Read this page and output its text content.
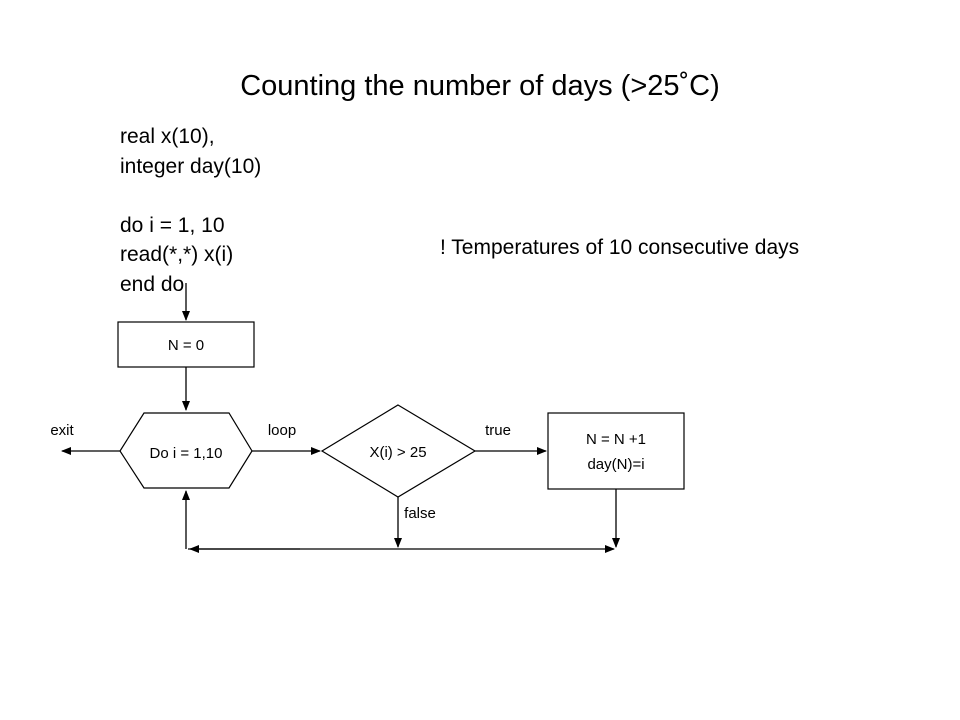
Counting the number of days (>25˚C)
real x(10),
integer day(10)
do i = 1, 10
read(*,*) x(i)
end do
! Temperatures of 10 consecutive days
N = 0
Do i = 1,10
exit	loop
X(i) > 25
true
N = N +1
day(N)=i
false
